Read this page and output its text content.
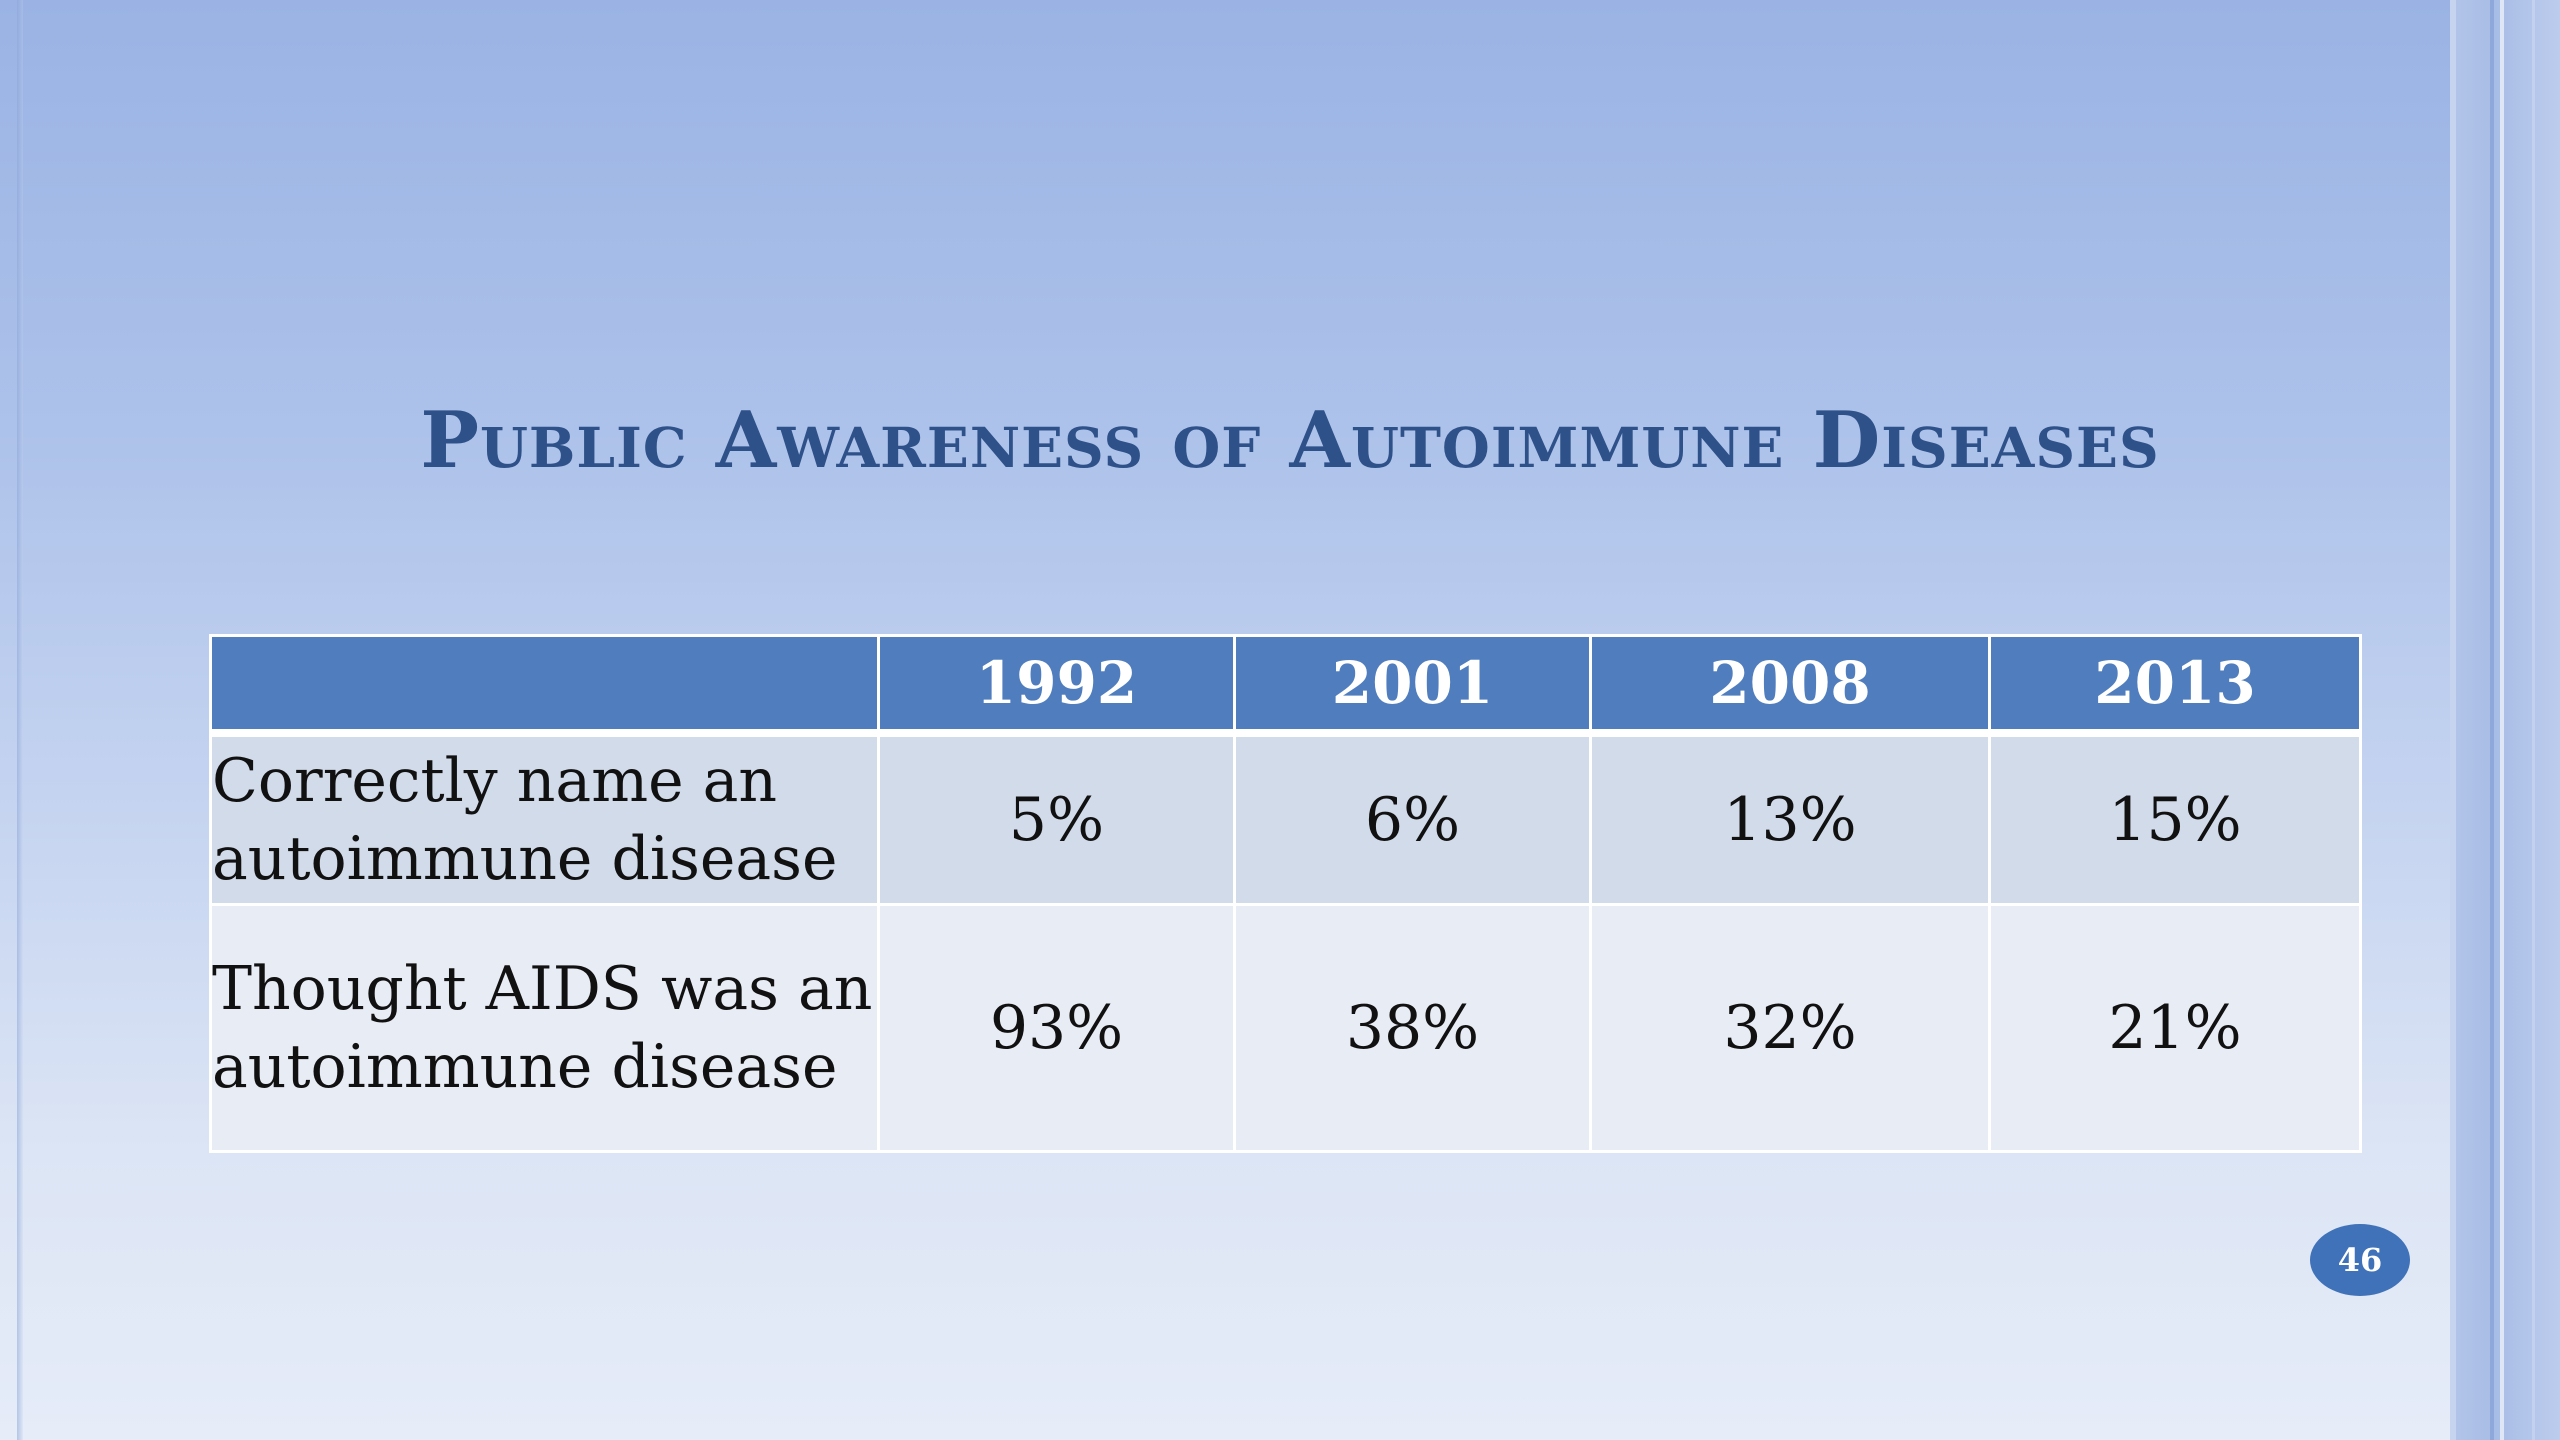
Public Awareness of Autoimmune Diseases
	1992	2001	2008	2013
Correctly name an autoimmune disease	5%	6%	13%	15%
Thought AIDS was an autoimmune disease	93%	38%	32%	21%
46
